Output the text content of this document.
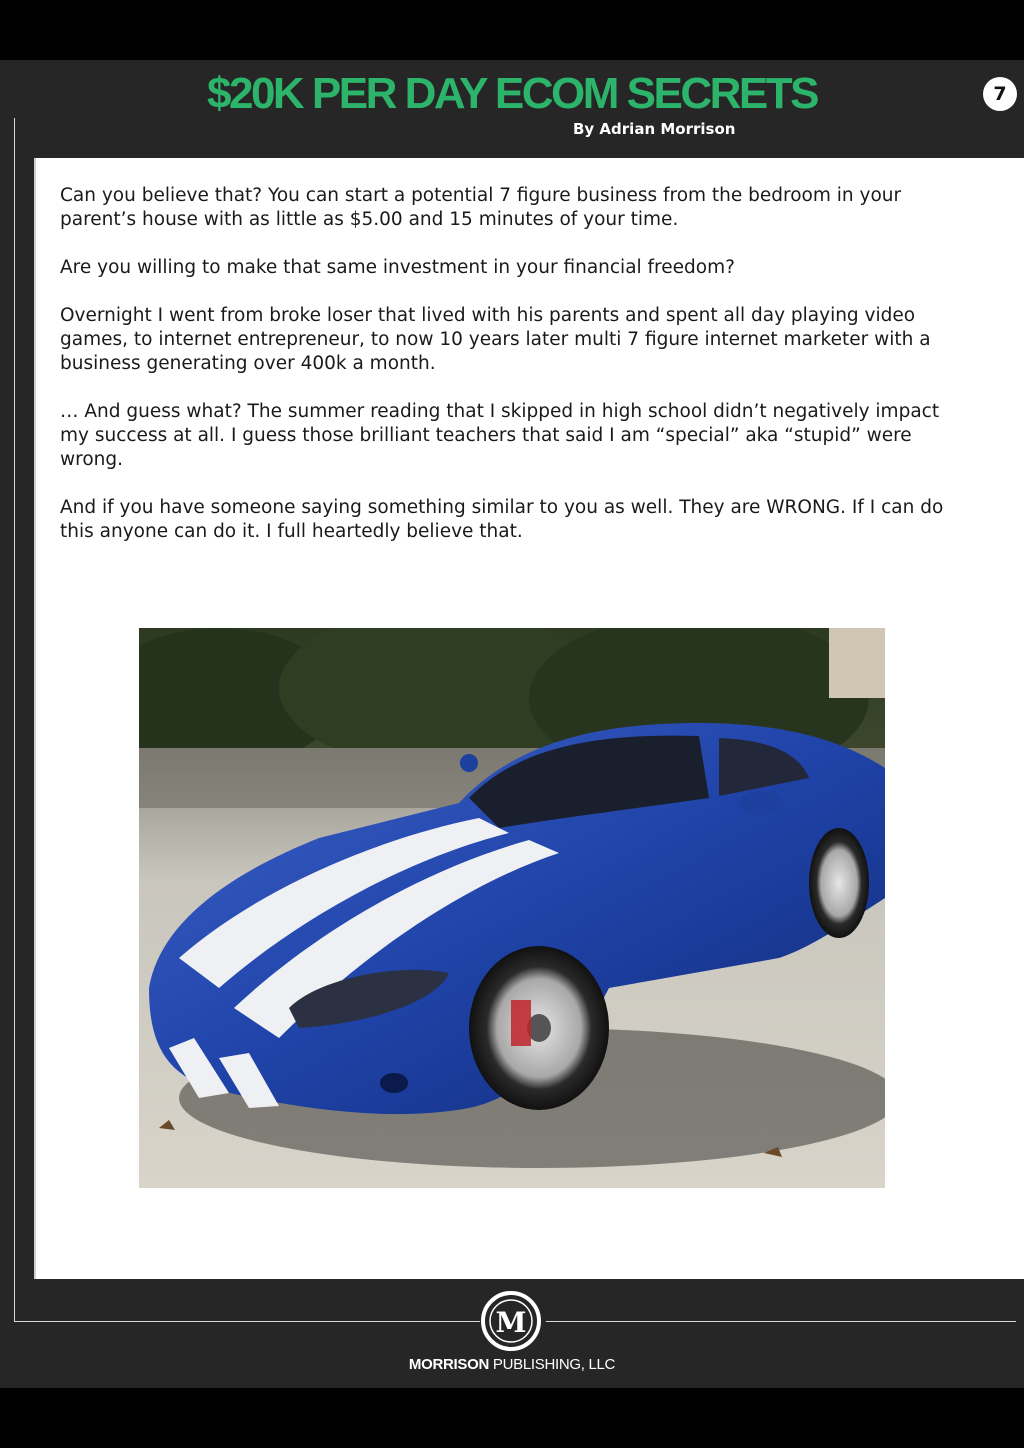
$20K PER DAY ECOM SECRETS
By Adrian Morrison
7

Can you believe that? You can start a potential 7 figure business from the bedroom in your parent’s house with as little as $5.00 and 15 minutes of your time.

Are you willing to make that same investment in your financial freedom?

Overnight I went from broke loser that lived with his parents and spent all day playing video games, to internet entrepreneur, to now 10 years later multi 7 figure internet marketer with a business generating over 400k a month.

… And guess what? The summer reading that I skipped in high school didn’t negatively impact my success at all. I guess those brilliant teachers that said I am “special” aka “stupid” were wrong.

And if you have someone saying something similar to you as well. They are WRONG. If I can do this anyone can do it. I full heartedly believe that.

M
MORRISON PUBLISHING, LLC
